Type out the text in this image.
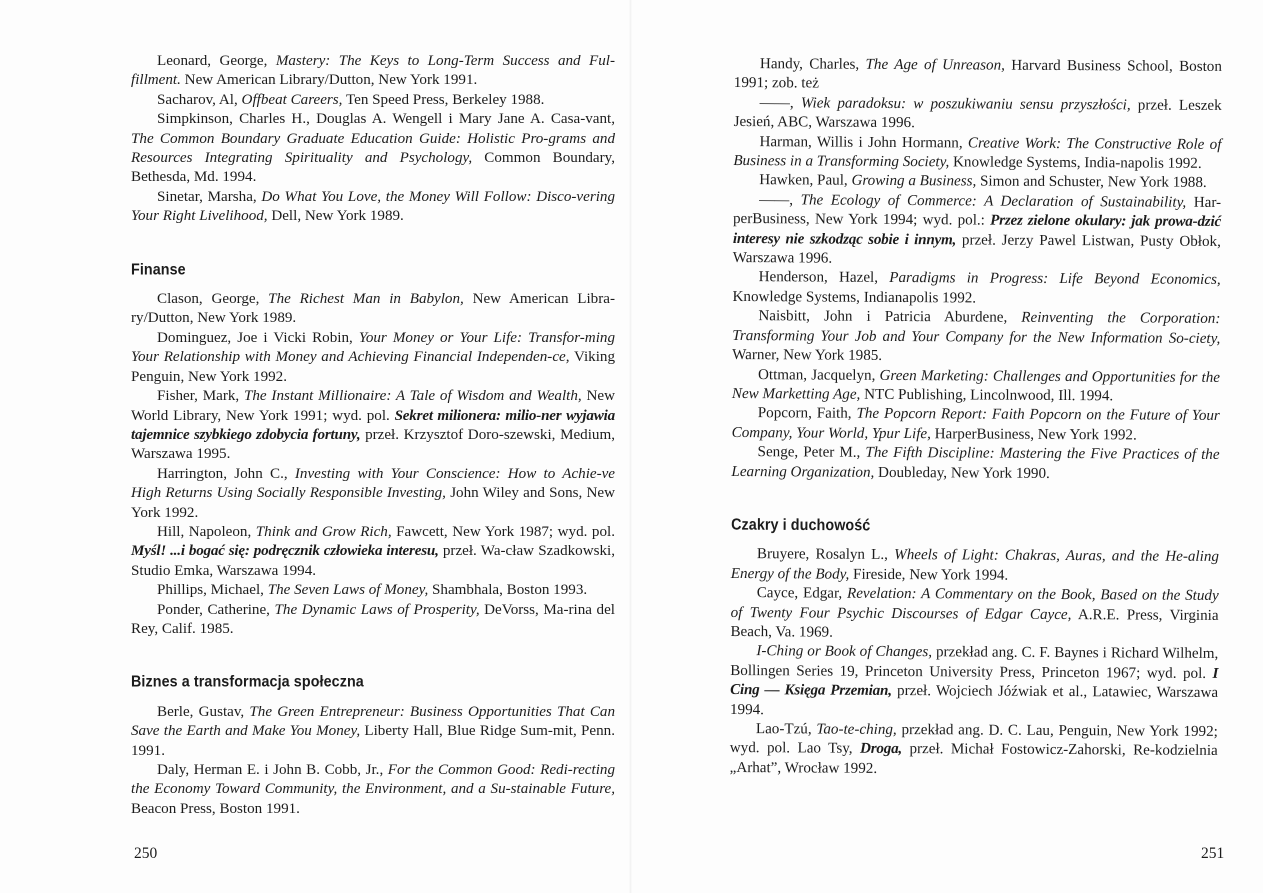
Leonard, George, Mastery: The Keys to Long-Term Success and Ful-fillment. New American Library/Dutton, New York 1991.
Sacharov, Al, Offbeat Careers, Ten Speed Press, Berkeley 1988.
Simpkinson, Charles H., Douglas A. Wengell i Mary Jane A. Casa-vant, The Common Boundary Graduate Education Guide: Holistic Pro-grams and Resources Integrating Spirituality and Psychology, Common Boundary, Bethesda, Md. 1994.
Sinetar, Marsha, Do What You Love, the Money Will Follow: Disco-vering Your Right Livelihood, Dell, New York 1989.
Finanse
Clason, George, The Richest Man in Babylon, New American Libra-ry/Dutton, New York 1989.
Dominguez, Joe i Vicki Robin, Your Money or Your Life: Transfor-ming Your Relationship with Money and Achieving Financial Independen-ce, Viking Penguin, New York 1992.
Fisher, Mark, The Instant Millionaire: A Tale of Wisdom and Wealth, New World Library, New York 1991; wyd. pol. Sekret milionera: milio-ner wyjawia tajemnice szybkiego zdobycia fortuny, przeł. Krzysztof Doro-szewski, Medium, Warszawa 1995.
Harrington, John C., Investing with Your Conscience: How to Achie-ve High Returns Using Socially Responsible Investing, John Wiley and Sons, New York 1992.
Hill, Napoleon, Think and Grow Rich, Fawcett, New York 1987; wyd. pol. Myśl! ...i bogać się: podręcznik człowieka interesu, przeł. Wa-cław Szadkowski, Studio Emka, Warszawa 1994.
Phillips, Michael, The Seven Laws of Money, Shambhala, Boston 1993.
Ponder, Catherine, The Dynamic Laws of Prosperity, DeVorss, Ma-rina del Rey, Calif. 1985.
Biznes a transformacja społeczna
Berle, Gustav, The Green Entrepreneur: Business Opportunities That Can Save the Earth and Make You Money, Liberty Hall, Blue Ridge Sum-mit, Penn. 1991.
Daly, Herman E. i John B. Cobb, Jr., For the Common Good: Redi-recting the Economy Toward Community, the Environment, and a Su-stainable Future, Beacon Press, Boston 1991.
250
Handy, Charles, The Age of Unreason, Harvard Business School, Boston 1991; zob. też
——, Wiek paradoksu: w poszukiwaniu sensu przyszłości, przeł. Leszek Jesień, ABC, Warszawa 1996.
Harman, Willis i John Hormann, Creative Work: The Constructive Role of Business in a Transforming Society, Knowledge Systems, India-napolis 1992.
Hawken, Paul, Growing a Business, Simon and Schuster, New York 1988.
——, The Ecology of Commerce: A Declaration of Sustainability, Har-perBusiness, New York 1994; wyd. pol.: Przez zielone okulary: jak prowa-dzić interesy nie szkodząc sobie i innym, przeł. Jerzy Pawel Listwan, Pusty Obłok, Warszawa 1996.
Henderson, Hazel, Paradigms in Progress: Life Beyond Economics, Knowledge Systems, Indianapolis 1992.
Naisbitt, John i Patricia Aburdene, Reinventing the Corporation: Transforming Your Job and Your Company for the New Information So-ciety, Warner, New York 1985.
Ottman, Jacquelyn, Green Marketing: Challenges and Opportunities for the New Marketting Age, NTC Publishing, Lincolnwood, Ill. 1994.
Popcorn, Faith, The Popcorn Report: Faith Popcorn on the Future of Your Company, Your World, Ypur Life, HarperBusiness, New York 1992.
Senge, Peter M., The Fifth Discipline: Mastering the Five Practices of the Learning Organization, Doubleday, New York 1990.
Czakry i duchowość
Bruyere, Rosalyn L., Wheels of Light: Chakras, Auras, and the He-aling Energy of the Body, Fireside, New York 1994.
Cayce, Edgar, Revelation: A Commentary on the Book, Based on the Study of Twenty Four Psychic Discourses of Edgar Cayce, A.R.E. Press, Virginia Beach, Va. 1969.
I-Ching or Book of Changes, przekład ang. C. F. Baynes i Richard Wilhelm, Bollingen Series 19, Princeton University Press, Princeton 1967; wyd. pol. I Cing — Księga Przemian, przeł. Wojciech Jóźwiak et al., Latawiec, Warszawa 1994.
Lao-Tzú, Tao-te-ching, przekład ang. D. C. Lau, Penguin, New York 1992; wyd. pol. Lao Tsy, Droga, przeł. Michał Fostowicz-Zahorski, Re-kodzielnia „Arhat”, Wrocław 1992.
251
